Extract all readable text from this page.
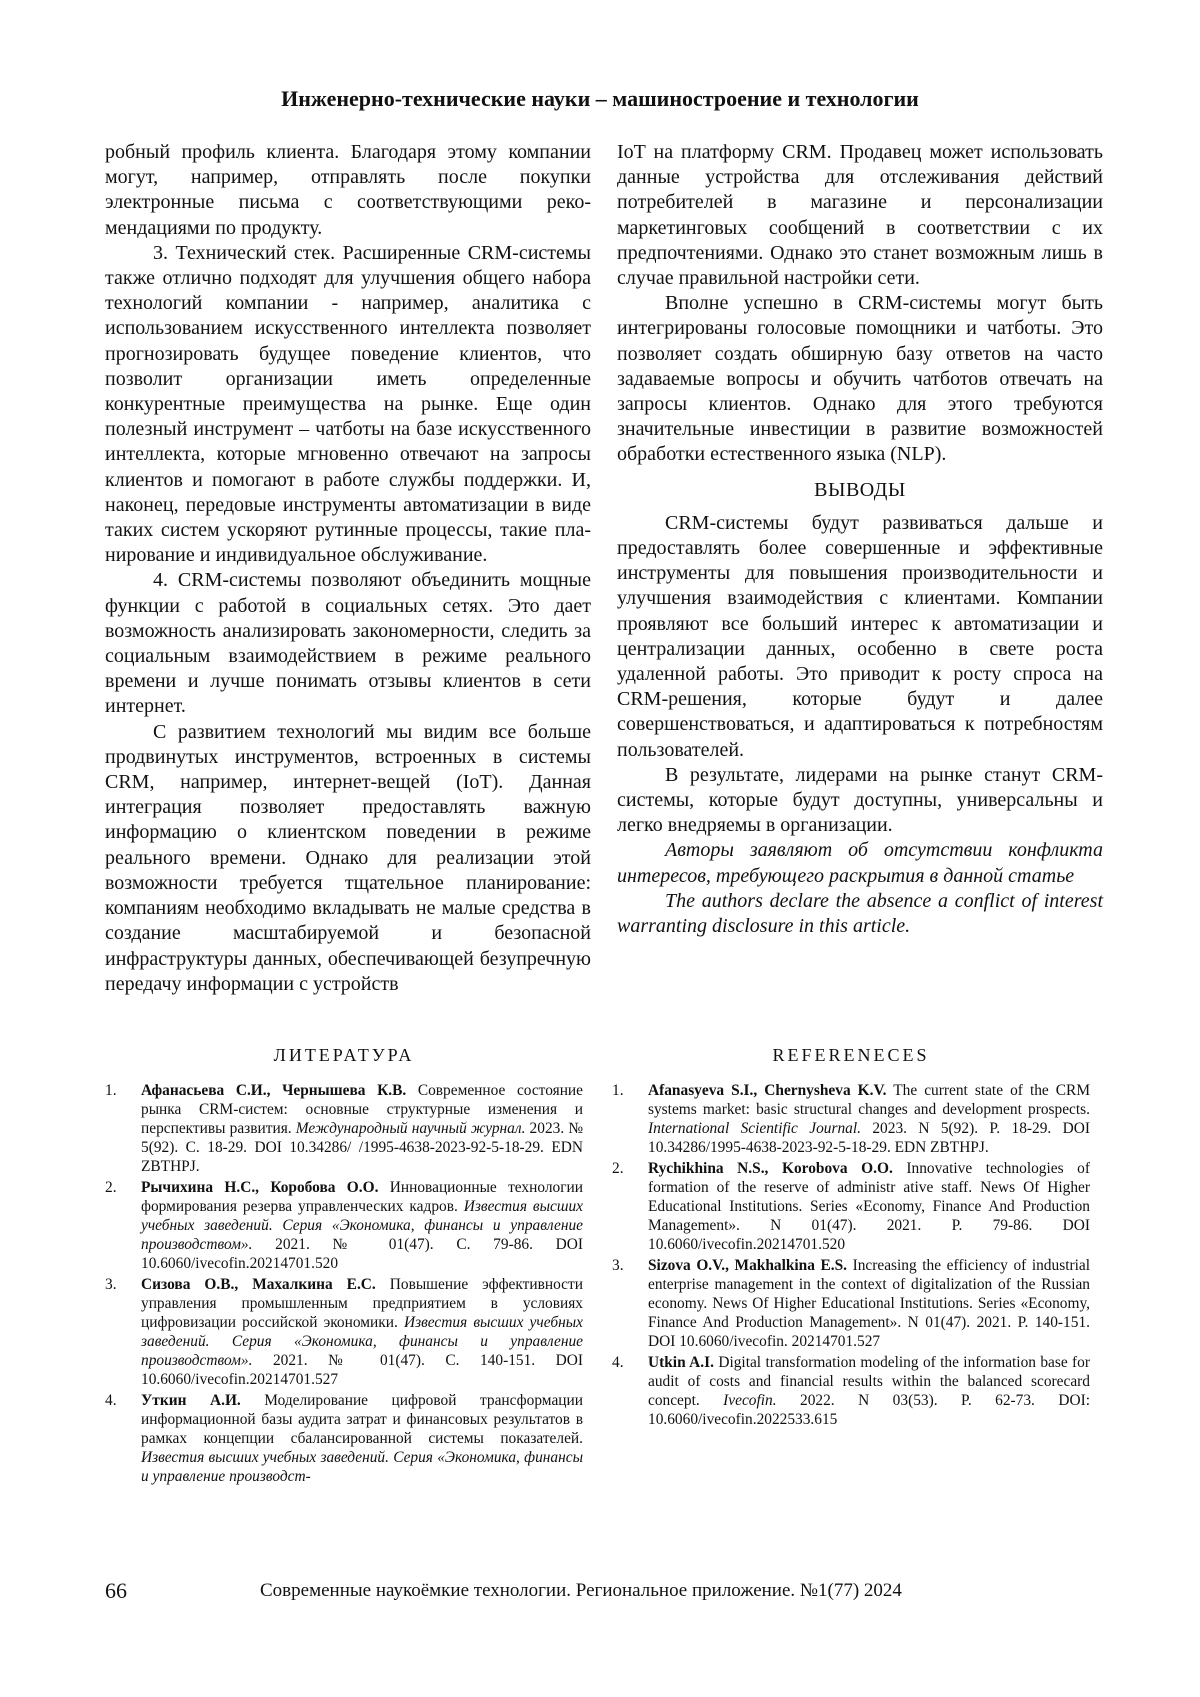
Инженерно-технические науки – машиностроение и технологии

робный профиль клиента. Благодаря этому компании могут, например, отправлять после покупки электронные письма с соответствующими рекомендациями по продукту.

3. Технический стек. Расширенные CRM-системы также отлично подходят для улучшения общего набора технологий компании - например, аналитика с использованием искусственного интеллекта позволяет прогнозировать будущее поведение клиентов, что позволит организации иметь определенные конкурентные преимущества на рынке. Еще один полезный инструмент – чатботы на базе искусственного интеллекта, которые мгновенно отвечают на запросы клиентов и помогают в работе службы поддержки. И, наконец, передовые инструменты автоматизации в виде таких систем ускоряют рутинные процессы, такие планирование и индивидуальное обслуживание.

4. CRM-системы позволяют объединить мощные функции с работой в социальных сетях. Это дает возможность анализировать закономерности, следить за социальным взаимодействием в режиме реального времени и лучше понимать отзывы клиентов в сети интернет.

С развитием технологий мы видим все больше продвинутых инструментов, встроенных в системы CRM, например, интернет-вещей (IoT). Данная интеграция позволяет предоставлять важную информацию о клиентском поведении в режиме реального времени. Однако для реализации этой возможности требуется тщательное планирование: компаниям необходимо вкладывать не малые средства в создание масштабируемой и безопасной инфраструктуры данных, обеспечивающей безупречную передачу информации с устройств

IoT на платформу CRM. Продавец может использовать данные устройства для отслеживания действий потребителей в магазине и персонализации маркетинговых сообщений в соответствии с их предпочтениями. Однако это станет возможным лишь в случае правильной настройки сети.

Вполне успешно в CRM-системы могут быть интегрированы голосовые помощники и чатботы. Это позволяет создать обширную базу ответов на часто задаваемые вопросы и обучить чатботов отвечать на запросы клиентов. Однако для этого требуются значительные инвестиции в развитие возможностей обработки естественного языка (NLP).

ВЫВОДЫ

CRM-системы будут развиваться дальше и предоставлять более совершенные и эффективные инструменты для повышения производительности и улучшения взаимодействия с клиентами. Компании проявляют все больший интерес к автоматизации и централизации данных, особенно в свете роста удаленной работы. Это приводит к росту спроса на CRM-решения, которые будут и далее совершенствоваться, и адаптироваться к потребностям пользователей.

В результате, лидерами на рынке станут CRM-системы, которые будут доступны, универсальны и легко внедряемы в организации.

Авторы заявляют об отсутствии конфликта интересов, требующего раскрытия в данной статье

The authors declare the absence a conflict of interest warranting disclosure in this article.

ЛИТЕРАТУРА
1. Афанасьева С.И., Чернышева К.В. Современное состояние рынка CRM-систем: основные структурные изменения и перспективы развития. Международный научный журнал. 2023. № 5(92). С. 18-29. DOI 10.34286/ /1995-4638-2023-92-5-18-29. EDN ZBTHPJ.
2. Рычихина Н.С., Коробова О.О. Инновационные технологии формирования резерва управленческих кадров. Известия высших учебных заведений. Серия «Экономика, финансы и управление производством». 2021. № 01(47). С. 79-86. DOI 10.6060/ivecofin.20214701.520
3. Сизова О.В., Махалкина Е.С. Повышение эффективности управления промышленным предприятием в условиях цифровизации российской экономики. Известия высших учебных заведений. Серия «Экономика, финансы и управление производством». 2021. № 01(47). С. 140-151. DOI 10.6060/ivecofin.20214701.527
4. Уткин А.И. Моделирование цифровой трансформации информационной базы аудита затрат и финансовых результатов в рамках концепции сбалансированной системы показателей. Известия высших учебных заведений. Серия «Экономика, финансы и управление производст-
REFERENECES
1. Afanasyeva S.I., Chernysheva K.V. The current state of the CRM systems market: basic structural changes and development prospects. International Scientific Journal. 2023. N 5(92). P. 18-29. DOI 10.34286/1995-4638-2023-92-5-18-29. EDN ZBTHPJ.
2. Rychikhina N.S., Korobova O.O. Innovative technologies of formation of the reserve of administr ative staff. News Of Higher Educational Institutions. Series «Economy, Finance And Production Management». N 01(47). 2021. P. 79-86. DOI 10.6060/ivecofin.20214701.520
3. Sizova O.V., Makhalkina E.S. Increasing the efficiency of industrial enterprise management in the context of digitalization of the Russian economy. News Of Higher Educational Institutions. Series «Economy, Finance And Production Management». N 01(47). 2021. P. 140-151. DOI 10.6060/ivecofin. 20214701.527
4. Utkin A.I. Digital transformation modeling of the information base for audit of costs and financial results within the balanced scorecard concept. Ivecofin. 2022. N 03(53). P. 62-73. DOI: 10.6060/ivecofin.2022533.615
66	Современные наукоёмкие технологии. Региональное приложение. №1(77) 2024
